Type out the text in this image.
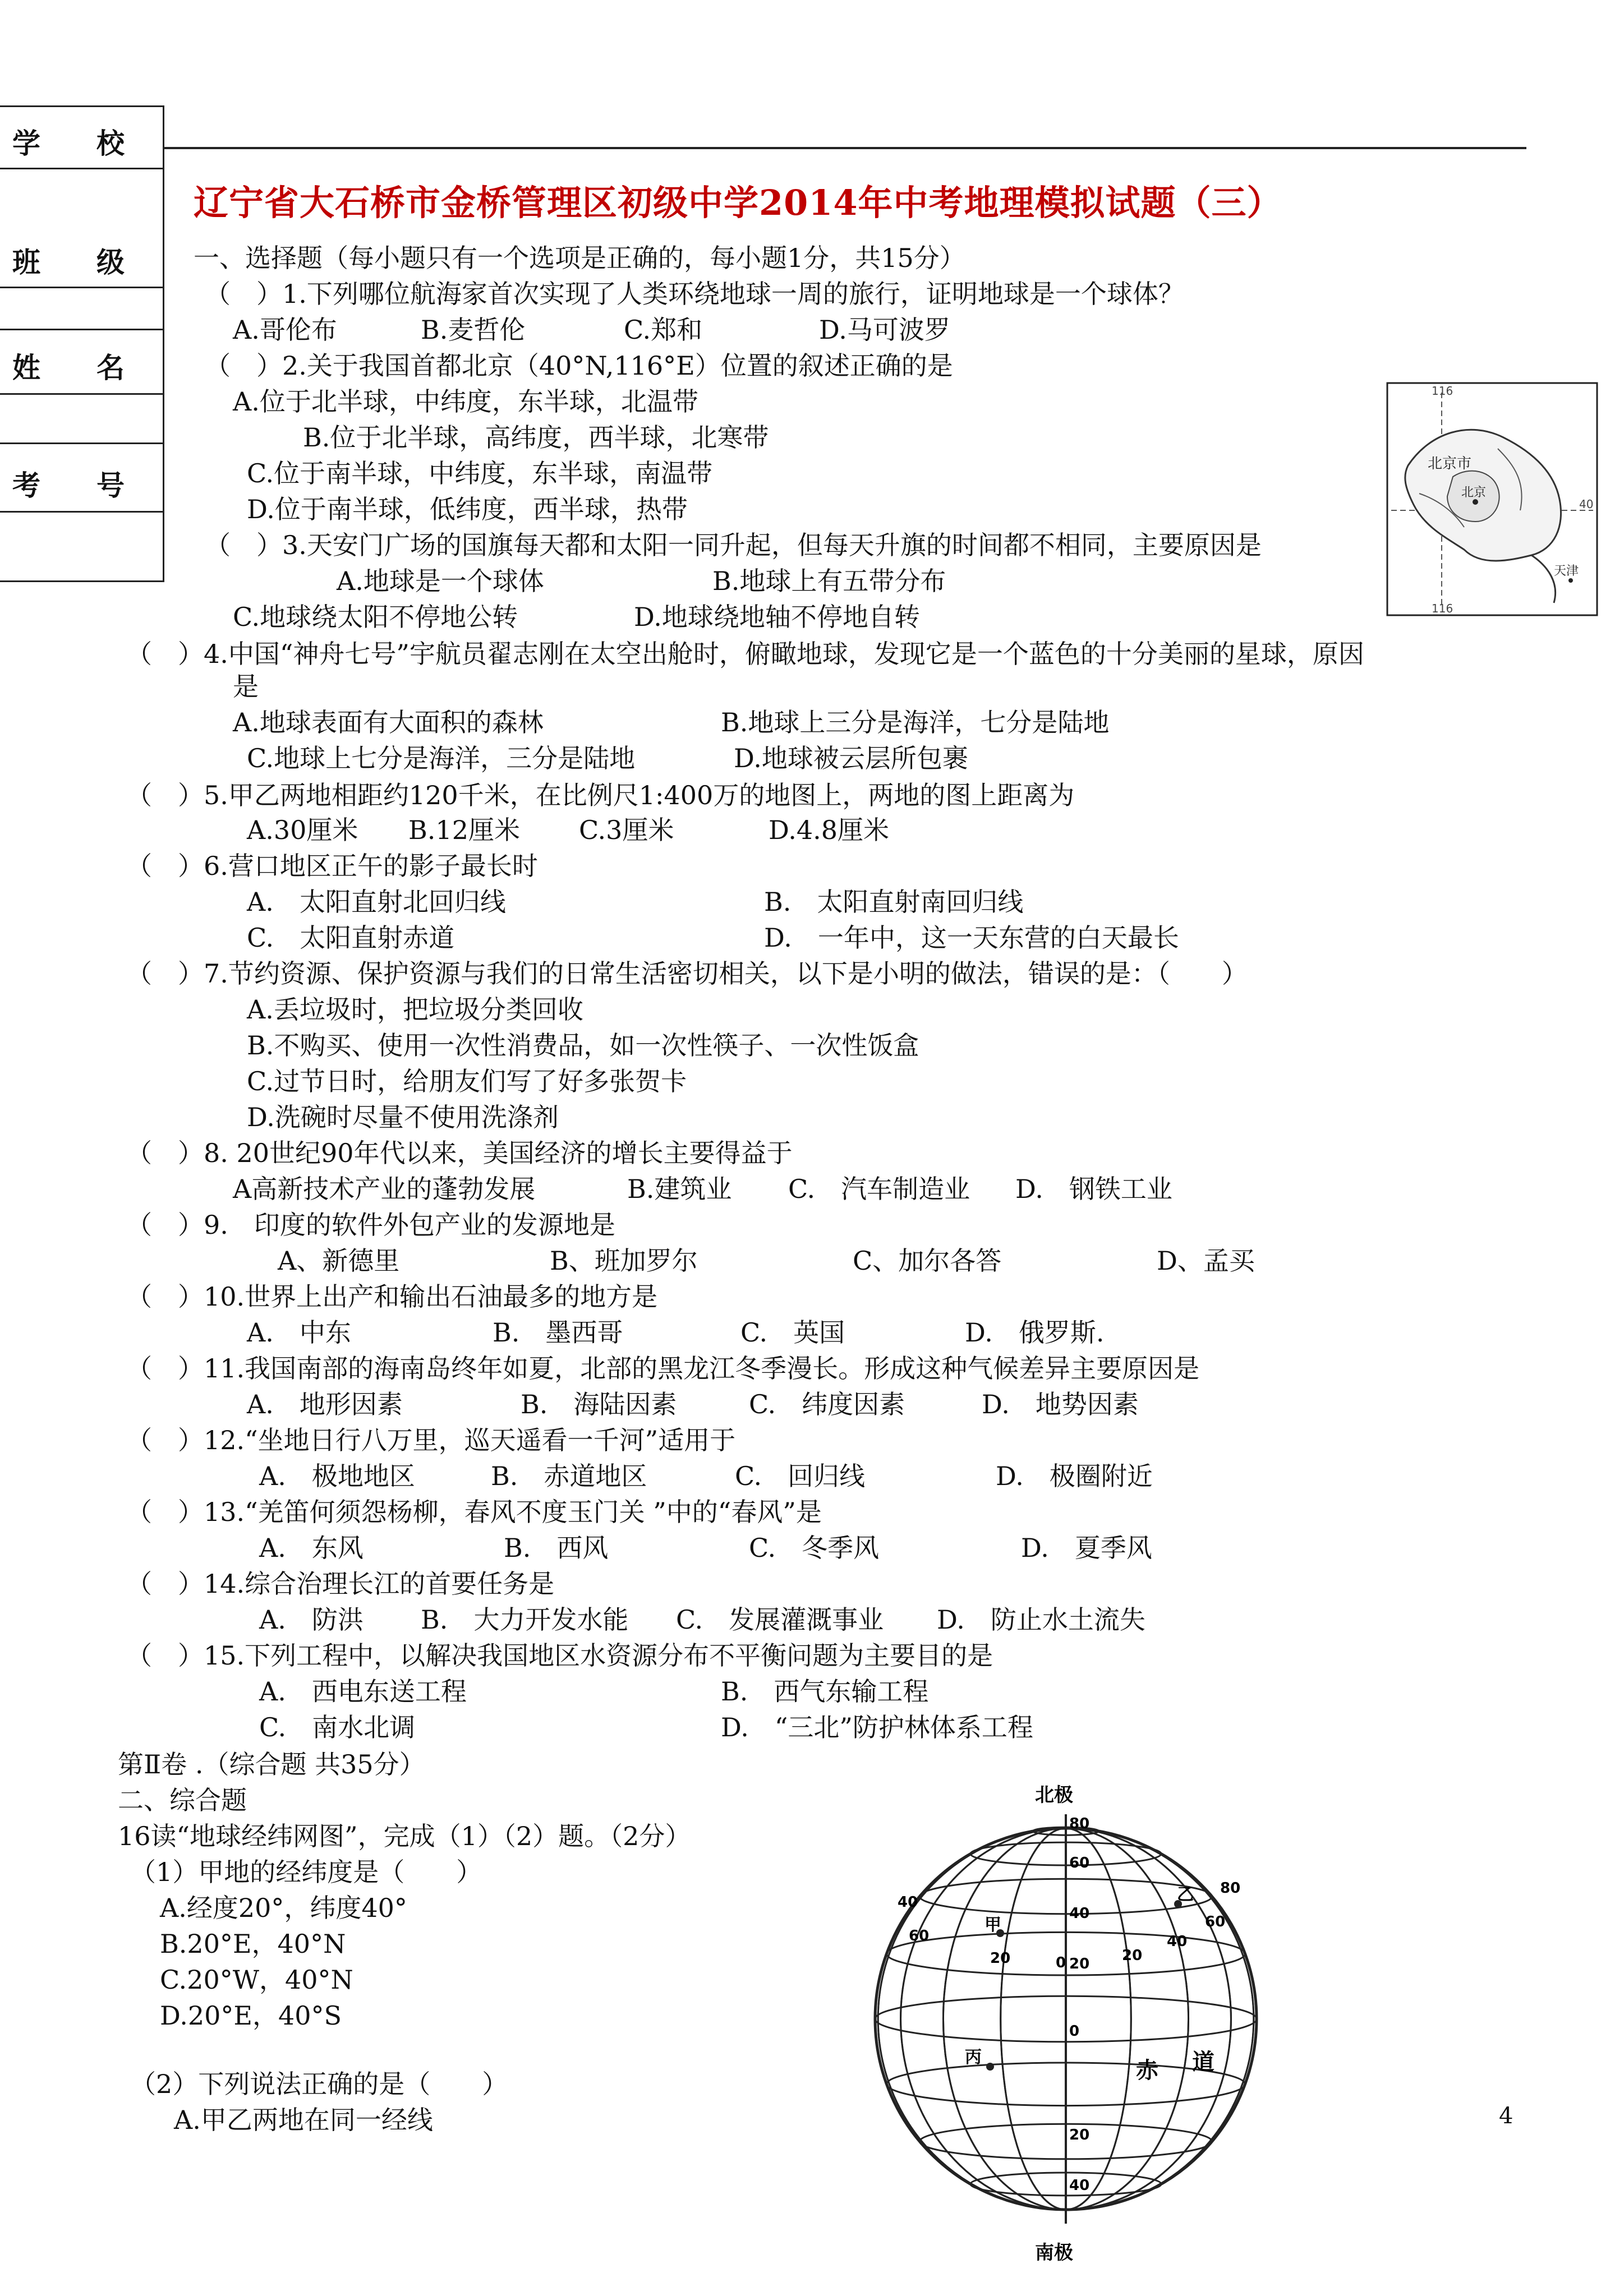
学　　校
班　　级
姓　　名
考　　号
辽宁省大石桥市金桥管理区初级中学2014年中考地理模拟试题（三）
一、选择题（每小题只有一个选项是正确的，每小题1分，共15分）
（　）1.下列哪位航海家首次实现了人类环绕地球一周的旅行，证明地球是一个球体？
A.哥伦布	B.麦哲伦	C.郑和	D.马可波罗
（　）2.关于我国首都北京（40°N,116°E）位置的叙述正确的是
A.位于北半球，中纬度，东半球，北温带
B.位于北半球，高纬度，西半球，北寒带
C.位于南半球，中纬度，东半球，南温带
D.位于南半球，低纬度，西半球，热带
116
116
40
北京市
北京
天津
（　）3.天安门广场的国旗每天都和太阳一同升起，但每天升旗的时间都不相同，主要原因是
A.地球是一个球体	B.地球上有五带分布
C.地球绕太阳不停地公转	D.地球绕地轴不停地自转
（　）4.中国“神舟七号”宇航员翟志刚在太空出舱时，俯瞰地球，发现它是一个蓝色的十分美丽的星球，原因
是
A.地球表面有大面积的森林	B.地球上三分是海洋，七分是陆地
C.地球上七分是海洋，三分是陆地	D.地球被云层所包裹
（　）5.甲乙两地相距约120千米，在比例尺1:400万的地图上，两地的图上距离为
A.30厘米 B.12厘米 C.3厘米	D.4.8厘米
（　）6.营口地区正午的影子最长时
A.　太阳直射北回归线	B.　太阳直射南回归线
C.　太阳直射赤道	D.　一年中，这一天东营的白天最长
（　）7.节约资源、保护资源与我们的日常生活密切相关，以下是小明的做法，错误的是：（　　）
A.丢垃圾时，把垃圾分类回收
B.不购买、使用一次性消费品，如一次性筷子、一次性饭盒
C.过节日时，给朋友们写了好多张贺卡
D.洗碗时尽量不使用洗涤剂
（　）8. 20世纪90年代以来，美国经济的增长主要得益于
A高新技术产业的蓬勃发展	B.建筑业 C.　汽车制造业 D.　钢铁工业
（　）9.　印度的软件外包产业的发源地是
A、新德里	B、班加罗尔	C、加尔各答	D、孟买
（　）10.世界上出产和输出石油最多的地方是
A.　中东	B.　墨西哥	C.　英国	D.　俄罗斯.
（　）11.我国南部的海南岛终年如夏，北部的黑龙江冬季漫长。形成这种气候差异主要原因是
A.　地形因素	B.　海陆因素	C.　纬度因素	D.　地势因素
（　）12.“坐地日行八万里，巡天遥看一千河”适用于
A.　极地地区	B.　赤道地区	C.　回归线	D.　极圈附近
（　）13.“羌笛何须怨杨柳，春风不度玉门关 ”中的“春风”是
A.　东风	B.　西风	C.　冬季风	D.　夏季风
（　）14.综合治理长江的首要任务是
A.　防洪 B.　大力开发水能 C.　发展灌溉事业 D.　防止水土流失
（　）15.下列工程中，以解决我国地区水资源分布不平衡问题为主要目的是
A.　西电东送工程	B.　西气东输工程
C.　南水北调	D.　“三北”防护林体系工程
第Ⅱ卷 .（综合题 共35分）
二、综合题
16读“地球经纬网图”，完成（1）（2）题。（2分）
（1）甲地的经纬度是（　　）
A.经度20°，纬度40°
B.20°E，40°N
C.20°W，40°N
D.20°E，40°S
（2）下列说法正确的是（　　）
A.甲乙两地在同一经线
北极
南极
甲
乙
丙
赤 道
80
60
40
20
0
20
40
40
60
20	0	20
40
60
80
4
